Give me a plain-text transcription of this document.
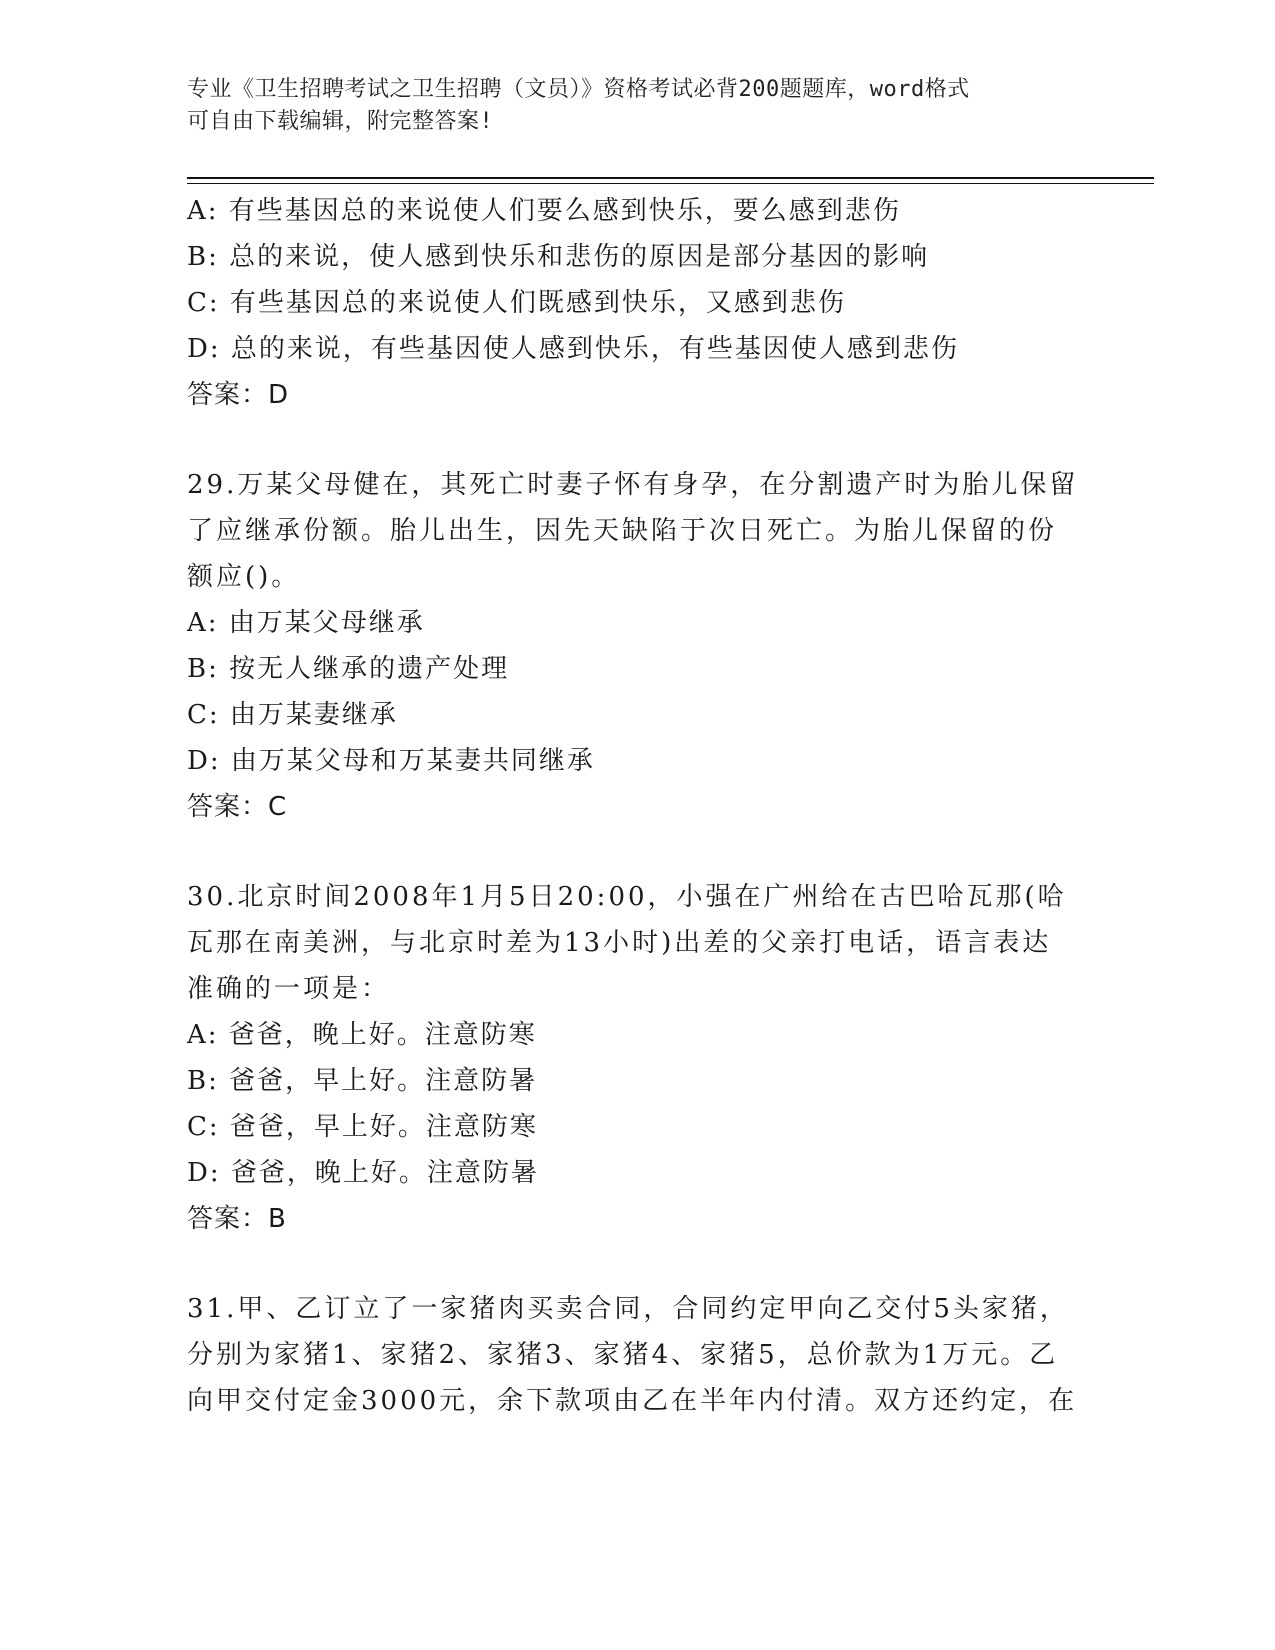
专业《卫生招聘考试之卫生招聘（文员）》资格考试必背200题题库，word格式
可自由下载编辑，附完整答案!
A: 有些基因总的来说使人们要么感到快乐，要么感到悲伤
B: 总的来说，使人感到快乐和悲伤的原因是部分基因的影响
C: 有些基因总的来说使人们既感到快乐，又感到悲伤
D: 总的来说，有些基因使人感到快乐，有些基因使人感到悲伤
答案：D
29.万某父母健在，其死亡时妻子怀有身孕，在分割遗产时为胎儿保留
了应继承份额。胎儿出生，因先天缺陷于次日死亡。为胎儿保留的份
额应()。
A: 由万某父母继承
B: 按无人继承的遗产处理
C: 由万某妻继承
D: 由万某父母和万某妻共同继承
答案：C
30.北京时间2008年1月5日20:00，小强在广州给在古巴哈瓦那(哈
瓦那在南美洲，与北京时差为13小时)出差的父亲打电话，语言表达
准确的一项是：
A: 爸爸，晚上好。注意防寒
B: 爸爸，早上好。注意防暑
C: 爸爸，早上好。注意防寒
D: 爸爸，晚上好。注意防暑
答案：B
31.甲、乙订立了一家猪肉买卖合同，合同约定甲向乙交付5头家猪，
分别为家猪1、家猪2、家猪3、家猪4、家猪5，总价款为1万元。乙
向甲交付定金3000元，余下款项由乙在半年内付清。双方还约定，在
